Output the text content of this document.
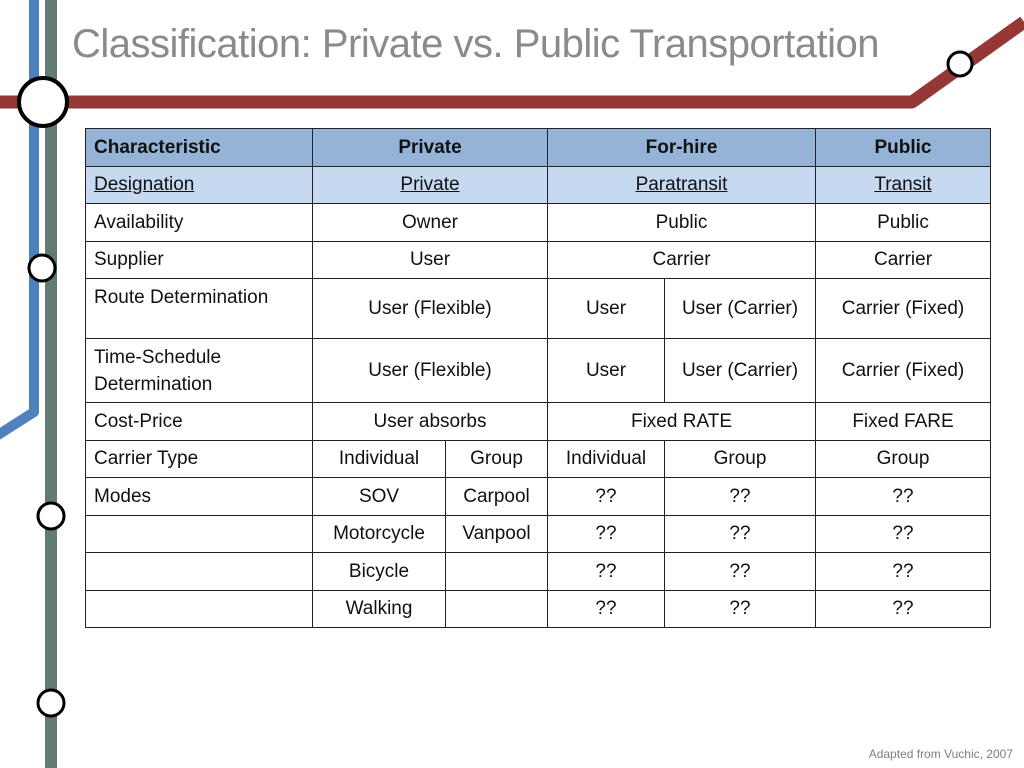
Classification: Private vs. Public Transportation
Characteristic	Private		For-hire		Public
Designation	Private		Paratransit		Transit
Availability	Owner		Public		Public
Supplier	User		Carrier		Carrier
Route Determination	User (Flexible)		User	User (Carrier)	Carrier (Fixed)
Time-Schedule Determination	User (Flexible)		User	User (Carrier)	Carrier (Fixed)
Cost-Price	User absorbs		Fixed RATE		Fixed FARE
Carrier Type	Individual	Group	Individual	Group	Group
Modes	SOV	Carpool	??	??	??
	Motorcycle	Vanpool	??	??	??
	Bicycle		??	??	??
	Walking		??	??	??
Adapted from Vuchic, 2007
